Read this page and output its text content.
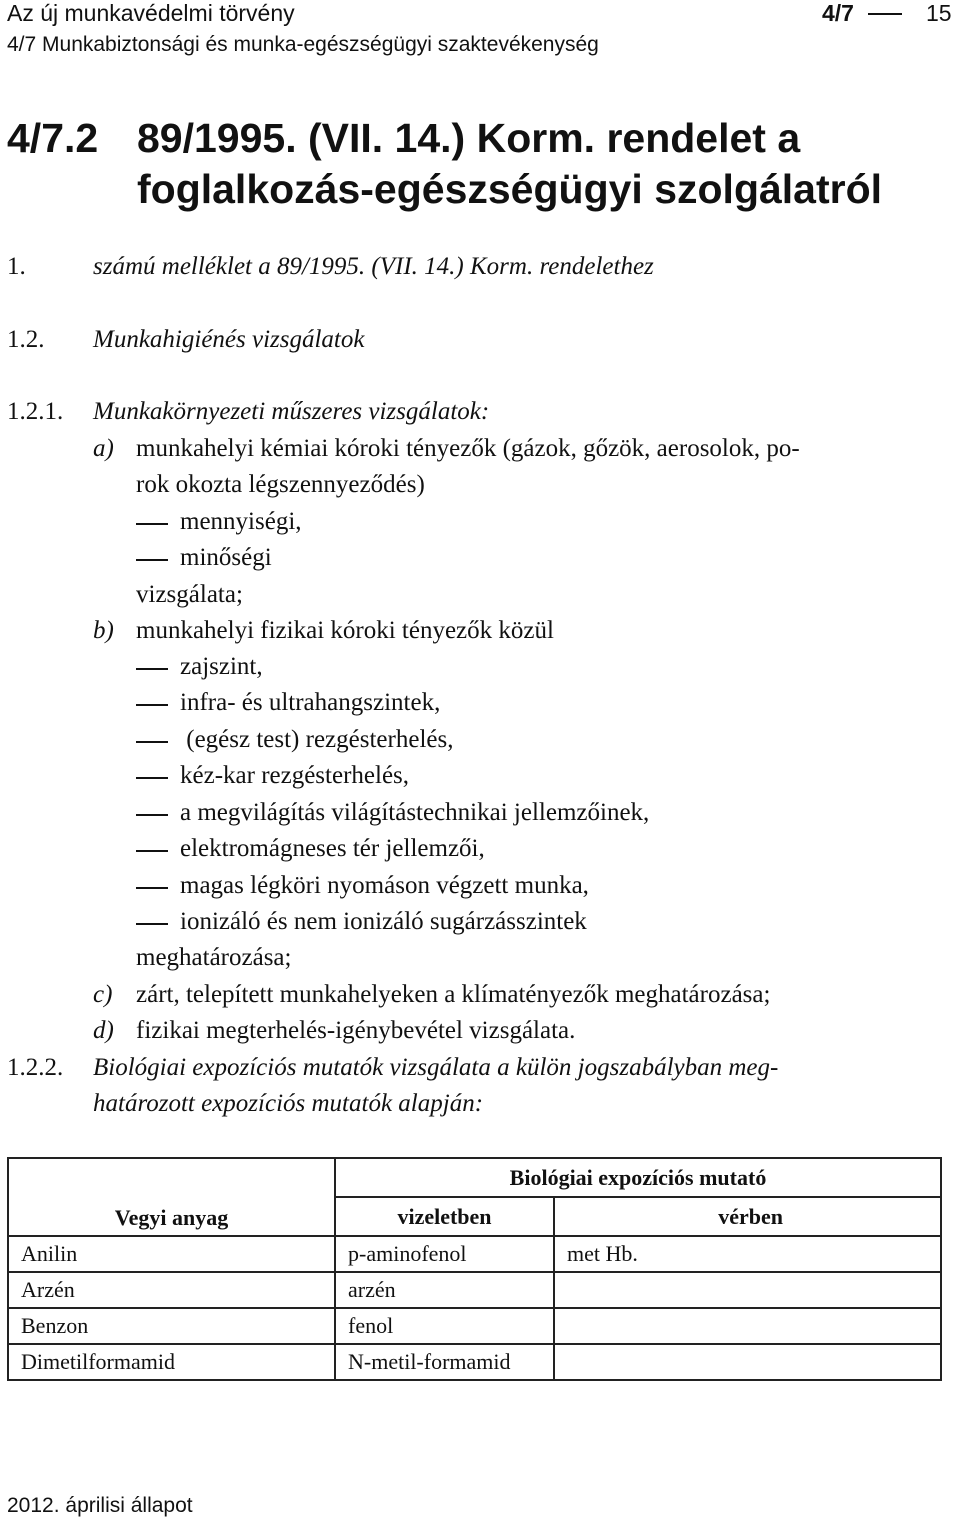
Az új munkavédelmi törvény	4/7	15
4/7 Munkabiztonsági és munka-egészségügyi szaktevékenység
4/7.2 89/1995. (VII. 14.) Korm. rendelet a
foglalkozás-egészségügyi szolgálatról
1.	számú melléklet a 89/1995. (VII. 14.) Korm. rendelethez
1.2. Munkahigiénés vizsgálatok
1.2.1. Munkakörnyezeti műszeres vizsgálatok:
a) munkahelyi kémiai kóroki tényezők (gázok, gőzök, aerosolok, po-
rok okozta légszennyeződés)
mennyiségi,
minőségi
vizsgálata;
b) munkahelyi fizikai kóroki tényezők közül
zajszint,
infra- és ultrahangszintek,
(egész test) rezgésterhelés,
kéz-kar rezgésterhelés,
a megvilágítás világítástechnikai jellemzőinek,
elektromágneses tér jellemzői,
magas légköri nyomáson végzett munka,
ionizáló és nem ionizáló sugárzásszintek
meghatározása;
c) zárt, telepített munkahelyeken a klímatényezők meghatározása;
d) fizikai megterhelés-igénybevétel vizsgálata.
1.2.2. Biológiai expozíciós mutatók vizsgálata a külön jogszabályban meg-
határozott expozíciós mutatók alapján:
Vegyi anyag	Biológiai expozíciós mutató	
	vizeletben	vérben
Anilin	p-aminofenol	met Hb.
Arzén	arzén	
Benzon	fenol	
Dimetilformamid	N-metil-formamid	
2012. áprilisi állapot
